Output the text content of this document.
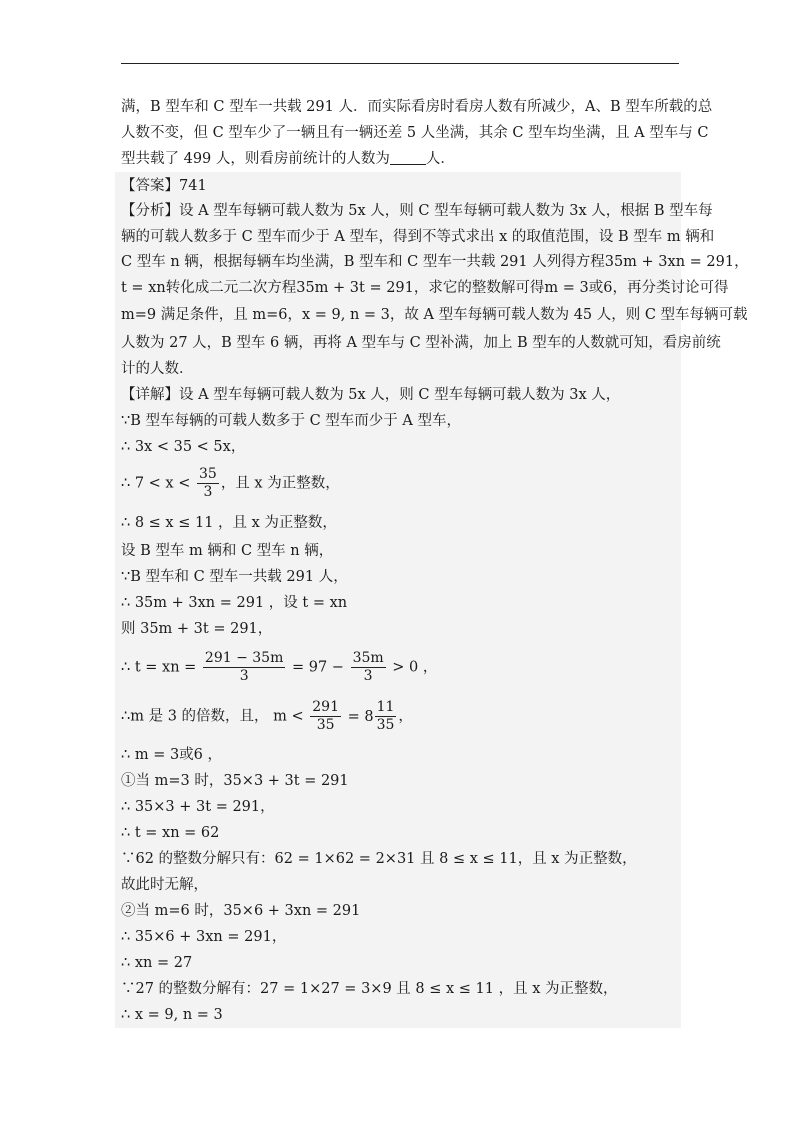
满，B 型车和 C 型车一共载 291 人．而实际看房时看房人数有所减少，A、B 型车所载的总
人数不变，但 C 型车少了一辆且有一辆还差 5 人坐满，其余 C 型车均坐满，且 A 型车与 C
型共载了 499 人，则看房前统计的人数为 人．
【答案】741
【分析】设 A 型车每辆可载人数为 5x 人，则 C 型车每辆可载人数为 3x 人，根据 B 型车每
辆的可载人数多于 C 型车而少于 A 型车，得到不等式求出 x 的取值范围，设 B 型车 m 辆和
C 型车 n 辆，根据每辆车均坐满，B 型车和 C 型车一共载 291 人列得方程35m + 3xn = 291，
t = xn转化成二元二次方程35m + 3t = 291，求它的整数解可得m = 3或6，再分类讨论可得
m=9 满足条件，且 m=6，x = 9, n = 3，故 A 型车每辆可载人数为 45 人，则 C 型车每辆可载
人数为 27 人，B 型车 6 辆，再将 A 型车与 C 型补满，加上 B 型车的人数就可知，看房前统
计的人数．
【详解】设 A 型车每辆可载人数为 5x 人，则 C 型车每辆可载人数为 3x 人，
∵B 型车每辆的可载人数多于 C 型车而少于 A 型车，
∴ 3x < 35 < 5x，
∴ $7 < x < \frac{35}{3}$ ，且 x 为正整数，
∴ 8 ≤ x ≤ 11 ，且 x 为正整数，
设 B 型车 m 辆和 C 型车 n 辆，
∵B 型车和 C 型车一共载 291 人，
∴ 35m + 3xn = 291 ，设 t = xn
则 35m + 3t = 291，
∴ t = xn = $\frac{291 - 35m}{3} = 97 - \frac{35m}{3} > 0$ ，
∴m 是 3 的倍数，且， $m < \frac{291}{35} = 8 \frac{11}{35}$ ，
∴ m = 3或6 ，
①当 m=3 时，35×3 + 3t = 291
∴ 35×3 + 3t = 291，
∴ t = xn = 62
∵62 的整数分解只有：62 = 1×62 = 2×31 且 8 ≤ x ≤ 11，且 x 为正整数，
故此时无解，
②当 m=6 时，35×6 + 3xn = 291
∴ 35×6 + 3xn = 291，
∴ xn = 27
∵27 的整数分解有：27 = 1×27 = 3×9 且 8 ≤ x ≤ 11 ，且 x 为正整数，
∴ x = 9, n = 3
